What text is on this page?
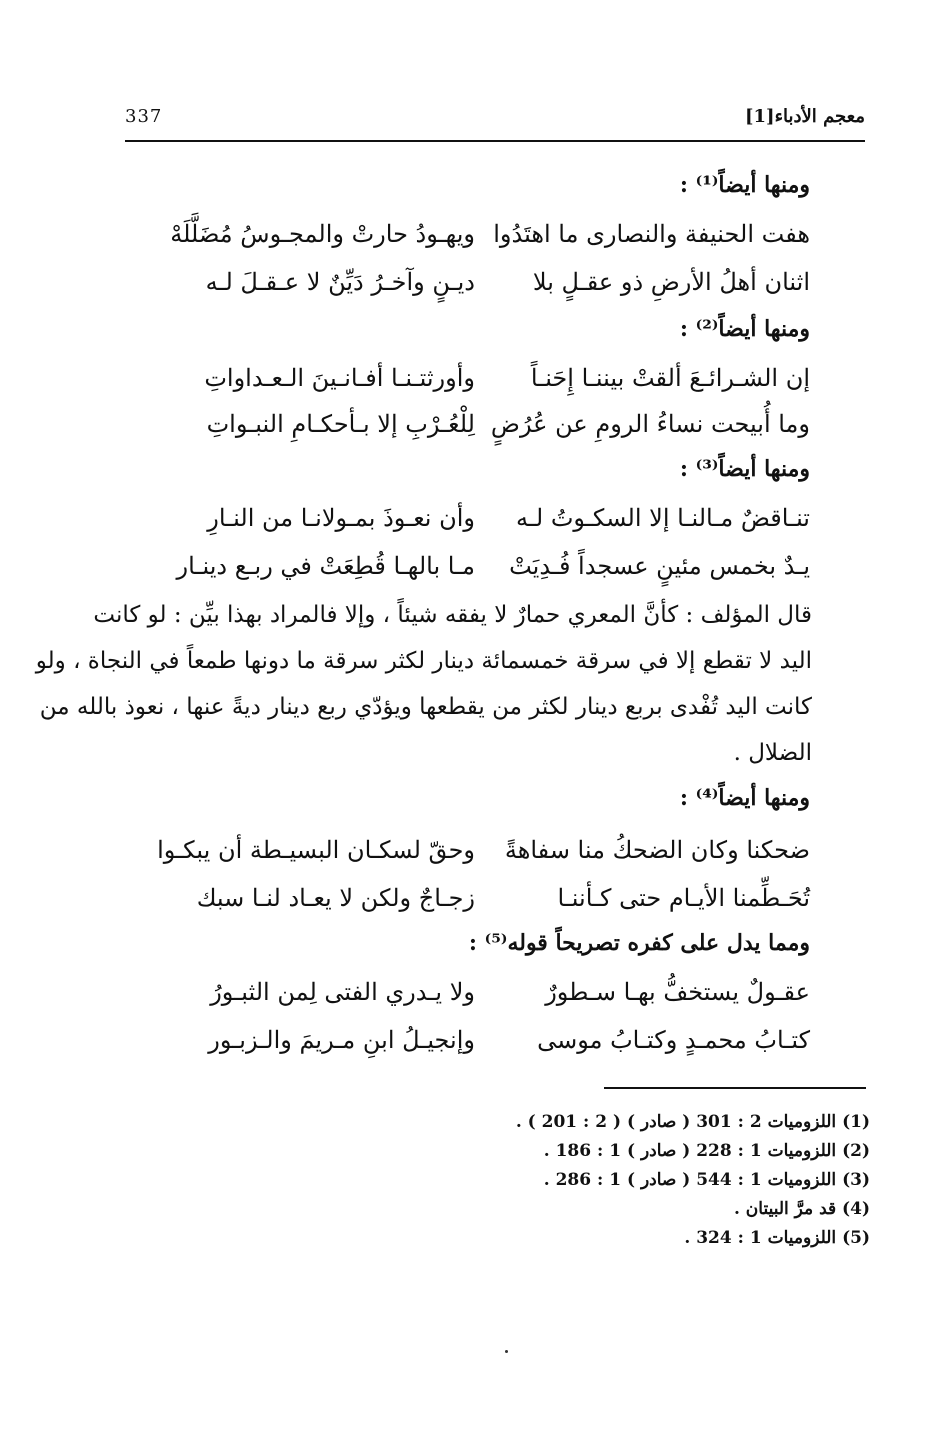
معجم الأدباء[1]
337
ومنها أيضاً⁽¹⁾ :
هفت الحنيفة والنصارى ما اهتَدُوا
ويهـودُ حارتْ والمجـوسُ مُضَلَّلَهْ
اثنان أهلُ الأرضِ ذو عقـلٍ بلا
ديـنٍ وآخـرُ دَيِّنٌ لا عـقـلَ لـه
ومنها أيضاً⁽²⁾ :
إن الشـرائـعَ ألقتْ بيننـا إِحَنـاً
وأورثتـنـا أفـانـينَ الـعـداواتِ
وما أُبيحت نساءُ الرومِ عن عُرُضٍ
لِلْعُـرْبِ إلا بـأحكـامِ النبـواتِ
ومنها أيضاً⁽³⁾ :
تنـاقضٌ مـالنـا إلا السكـوتُ لـه
وأن نعـوذَ بمـولانـا من النـارِ
يـدٌ بخمس مئينٍ عسجداً فُـدِيَتْ
مـا بالهـا قُطِعَتْ في ربـع دينـار
قال المؤلف : كأنَّ المعري حمارٌ لا يفقه شيئاً ، وإلا فالمراد بهذا بيِّن : لو كانت
اليد لا تقطع إلا في سرقة خمسمائة دينار لكثر سرقة ما دونها طمعاً في النجاة ، ولو
كانت اليد تُفْدى بربع دينار لكثر من يقطعها ويؤدّي ربع دينار ديةً عنها ، نعوذ بالله من
الضلال .
ومنها أيضاً⁽⁴⁾ :
ضحكنا وكان الضحكُ منا سفاهةً
وحقّ لسكـان البسيـطة أن يبكـوا
تُحَـطِّمنا الأيـام حتى كـأننـا
زجـاجٌ ولكن لا يعـاد لنـا سبك
ومما يدل على كفره تصريحاً قوله⁽⁵⁾ :
عقـولٌ يستخفُّ بهـا سـطورٌ
ولا يـدري الفتى لِمن الثبـورُ
كتـابُ محمـدٍ وكتـابُ موسى
وإنجيـلُ ابنِ مـريمَ والـزبـور
(1) اللزوميات 2 : 301 ( صادر ) ( 2 : 201 ) .
(2) اللزوميات 1 : 228 ( صادر ) 1 : 186 .
(3) اللزوميات 1 : 544 ( صادر ) 1 : 286 .
(4) قد مرَّ البيتان .
(5) اللزوميات 1 : 324 .
